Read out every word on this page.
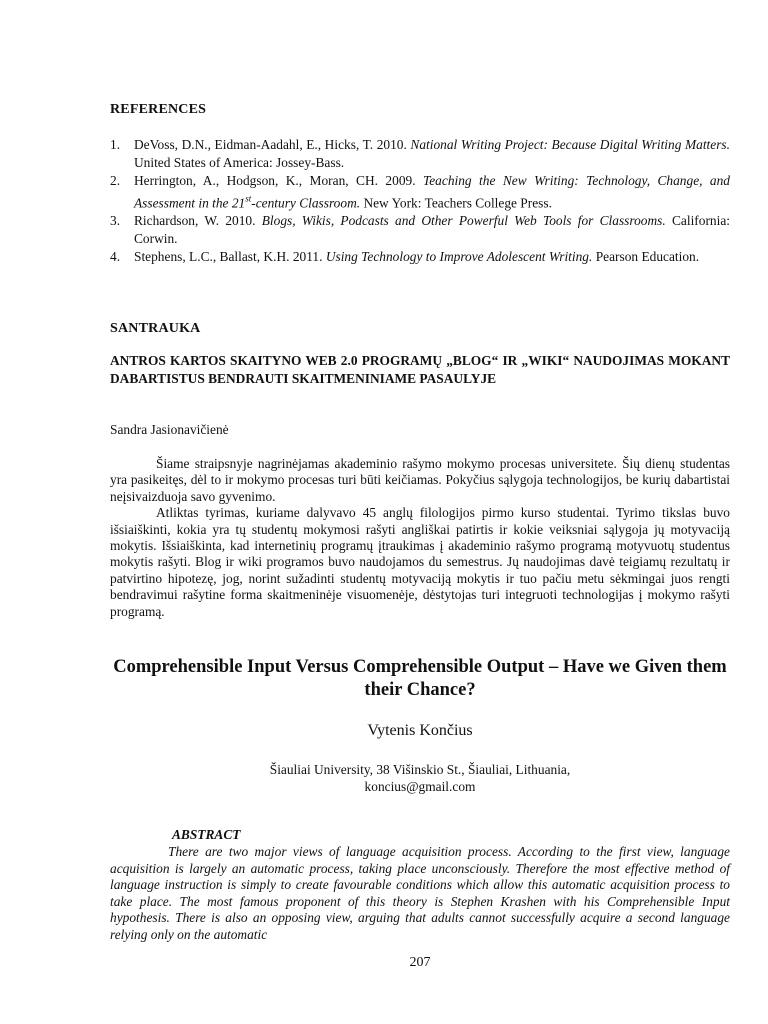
REFERENCES
1. DeVoss, D.N., Eidman-Aadahl, E., Hicks, T. 2010. National Writing Project: Because Digital Writing Matters. United States of America: Jossey-Bass.
2. Herrington, A., Hodgson, K., Moran, CH. 2009. Teaching the New Writing: Technology, Change, and Assessment in the 21st-century Classroom. New York: Teachers College Press.
3. Richardson, W. 2010. Blogs, Wikis, Podcasts and Other Powerful Web Tools for Classrooms. California: Corwin.
4. Stephens, L.C., Ballast, K.H. 2011. Using Technology to Improve Adolescent Writing. Pearson Education.
SANTRAUKA
ANTROS KARTOS SKAITYNO WEB 2.0 PROGRAMŲ „BLOG“ IR „WIKI“ NAUDOJIMAS MOKANT DABARTISTUS BENDRAUTI SKAITMENINIAME PASAULYJE
Sandra Jasionavičienė

Šiame straipsnyje nagrinėjamas akademinio rašymo mokymo procesas universitete. Šių dienų studentas yra pasikeitęs, dėl to ir mokymo procesas turi būti keičiamas. Pokyčius sąlygoja technologijos, be kurių dabartistai neįsivaizduoja savo gyvenimo.

Atliktas tyrimas, kuriame dalyvavo 45 anglų filologijos pirmo kurso studentai. Tyrimo tikslas buvo išsiaiškinti, kokia yra tų studentų mokymosi rašyti angliškai patirtis ir kokie veiksniai sąlygoja jų motyvaciją mokytis. Išsiaiškinta, kad internetinių programų įtraukimas į akademinio rašymo programą motyvuotų studentus mokytis rašyti. Blog ir wiki programos buvo naudojamos du semestrus. Jų naudojimas davė teigiamų rezultatų ir patvirtino hipotezę, jog, norint sužadinti studentų motyvaciją mokytis ir tuo pačiu metu sėkmingai juos rengti bendravimui rašytine forma skaitmeninėje visuomenėje, dėstytojas turi integruoti technologijas į mokymo rašyti programą.

Comprehensible Input Versus Comprehensible Output – Have we Given them their Chance?
Vytenis Končius
Šiauliai University, 38 Višinskio St., Šiauliai, Lithuania,
koncius@gmail.com
ABSTRACT

There are two major views of language acquisition process. According to the first view, language acquisition is largely an automatic process, taking place unconsciously. Therefore the most effective method of language instruction is simply to create favourable conditions which allow this automatic acquisition process to take place. The most famous proponent of this theory is Stephen Krashen with his Comprehensible Input hypothesis. There is also an opposing view, arguing that adults cannot successfully acquire a second language relying only on the automatic

207
